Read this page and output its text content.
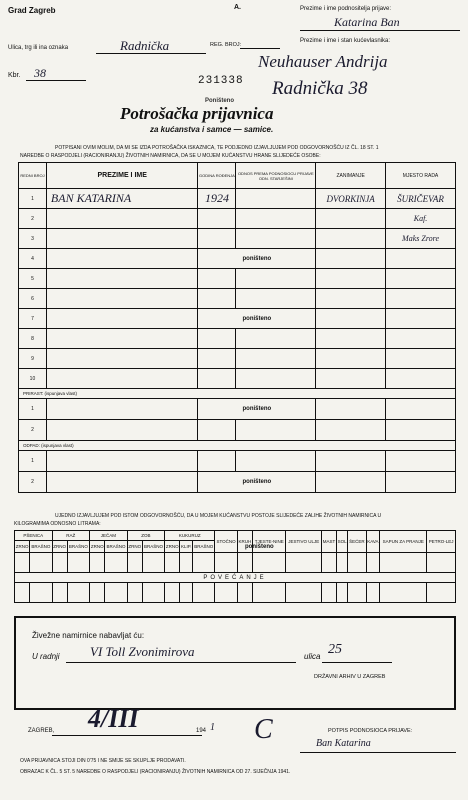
Grad Zagreb	A.	Prezime i ime podnositelja prijave:
Katarina Ban
Ulica, trg ili ina oznaka	Radnička	REG. BROJ:
Prezime i ime i stan kućevlasnika:
Neuhauser Andrija
Radnička 38
Kbr. 38
231338
Poništeno
Potrošačka prijavnica
za kućanstva i samce — samice.
POTPISANI OVIM MOLIM, DA MI SE IZDA POTROŠAČKA ISKAZNICA, TE PODJEDNO IZJAVLJUJEM POD ODGOVORNOŠĆU IZ ČL. 18 ST. 1
NAREDBE O RASPODJELI (RACIONIRANJU) ŽIVOTNIH NAMIRNICA, DA SE U MOJEM KUĆANSTVU HRANE SLIJEDEĆE OSOBE:
REDNI BROJ	PREZIME I IME	GODINA ROĐENJA	ODNOS PREMA PODNOSIOCU PRIJAVE ODN. STARJEŠINI	ZANIMANJE	MJESTO RADA
1	BAN KATARINA	1924		DVORKINJA	ŠURIČEVAR
2					Kaf.
3					Maks Zrore
4		poništeno			
5					
6					
7		poništeno			
8					
9					
10					
PRIRAST: (ispunjava vlast)					
1		poništeno			
2					
ODPAD: (ispunjava vlast)					
1					
2		poništeno			
UJEDNO IZJAVLJUJEM POD ISTOM ODGOVORNOŠĆU, DA U MOJEM KUĆANSTVU POSTOJE SLIJEDEĆE ZALIHE ŽIVOTNIH NAMIRNICA U
KILOGRAMIMA ODNOSNO LITRAMA:
PŠENICA		RAŽ		JEČAM		ZOB		KUKURUZ			STOČNO	KRUH	TJESTE-NINE	JESTIVO ULJE	MAST	SOL	ŠEĆER	KAVA	SAPUN ZA PRANJE	PETRO-LEJ
ZRNO	BRAŠNO	ZRNO	BRAŠNO	ZRNO	BRAŠNO	ZRNO	BRAŠNO	ZRNO	KLIP.	BRAŠNO										

POVEĆANJE																				

poništeno
Živežne namirnice nabavljat ću:
U radnji VI Toll Zvonimirova	ulica 25
DRŽAVNI ARHIV U ZAGREB
ZAGREB, 4/III	194 1 C	POTPIS PODNOSIOCA PRIJAVE:
Ban Katarina
OVA PRIJAVNICA STOJI DIN 0'75 I NE SMIJE SE SKUPLJE PRODAVATI.
OBRAZAC K ČL. 5 ST. 5 NAREDBE O RASPODJELI (RACIONIRANJU) ŽIVOTNIH NAMIRNICA OD 27. SIJEČNJA 1941.
